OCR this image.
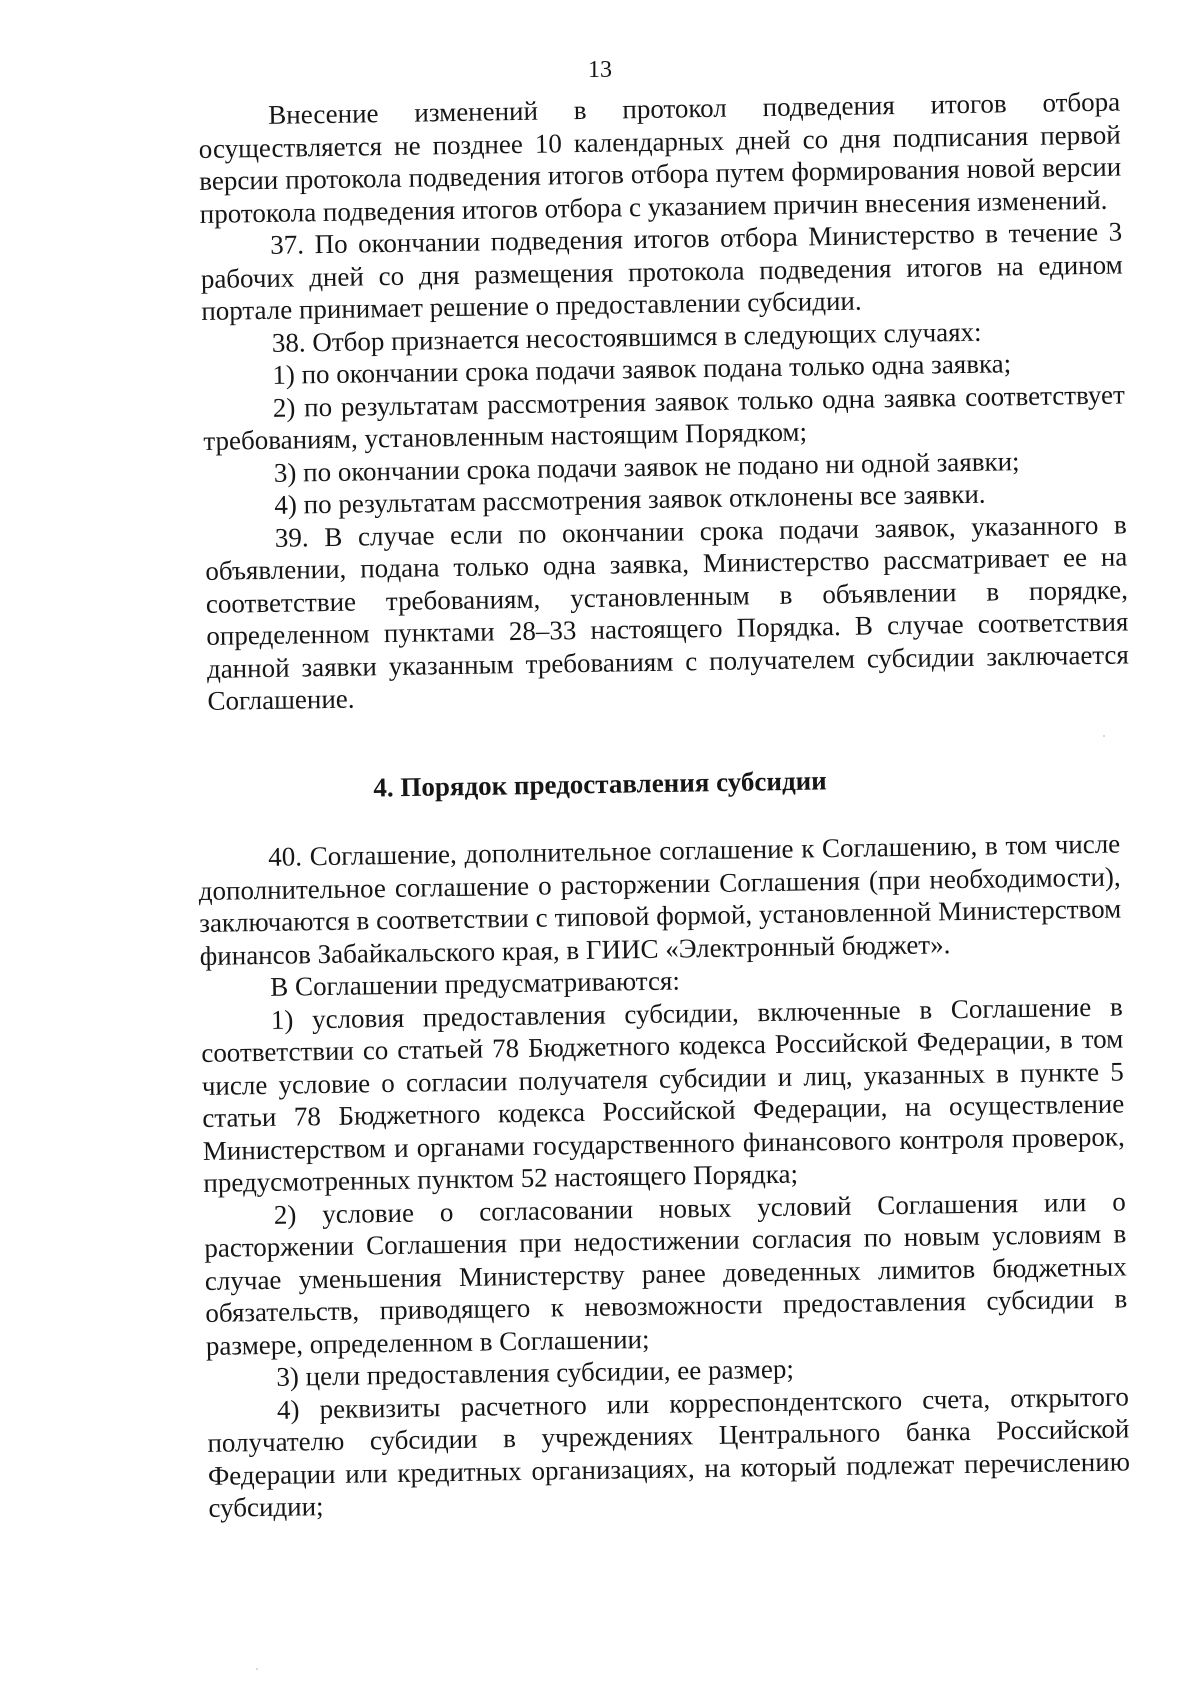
13

Внесение изменений в протокол подведения итогов отбора осуществляется не позднее 10 календарных дней со дня подписания первой версии протокола подведения итогов отбора путем формирования новой версии протокола подведения итогов отбора с указанием причин внесения изменений.

37. По окончании подведения итогов отбора Министерство в течение 3 рабочих дней со дня размещения протокола подведения итогов на едином портале принимает решение о предоставлении субсидии.

38. Отбор признается несостоявшимся в следующих случаях:

1) по окончании срока подачи заявок подана только одна заявка;

2) по результатам рассмотрения заявок только одна заявка соответствует требованиям, установленным настоящим Порядком;

3) по окончании срока подачи заявок не подано ни одной заявки;

4) по результатам рассмотрения заявок отклонены все заявки.

39. В случае если по окончании срока подачи заявок, указанного в объявлении, подана только одна заявка, Министерство рассматривает ее на соответствие требованиям, установленным в объявлении в порядке, определенном пунктами 28–33 настоящего Порядка. В случае соответствия данной заявки указанным требованиям с получателем субсидии заключается Соглашение.

4. Порядок предоставления субсидии

40. Соглашение, дополнительное соглашение к Соглашению, в том числе дополнительное соглашение о расторжении Соглашения (при необходимости), заключаются в соответствии с типовой формой, установленной Министерством финансов Забайкальского края, в ГИИС «Электронный бюджет».

В Соглашении предусматриваются:

1) условия предоставления субсидии, включенные в Соглашение в соответствии со статьей 78 Бюджетного кодекса Российской Федерации, в том числе условие о согласии получателя субсидии и лиц, указанных в пункте 5 статьи 78 Бюджетного кодекса Российской Федерации, на осуществление Министерством и органами государственного финансового контроля проверок, предусмотренных пунктом 52 настоящего Порядка;

2) условие о согласовании новых условий Соглашения или о расторжении Соглашения при недостижении согласия по новым условиям в случае уменьшения Министерству ранее доведенных лимитов бюджетных обязательств, приводящего к невозможности предоставления субсидии в размере, определенном в Соглашении;

3) цели предоставления субсидии, ее размер;

4) реквизиты расчетного или корреспондентского счета, открытого получателю субсидии в учреждениях Центрального банка Российской Федерации или кредитных организациях, на который подлежат перечислению субсидии;
